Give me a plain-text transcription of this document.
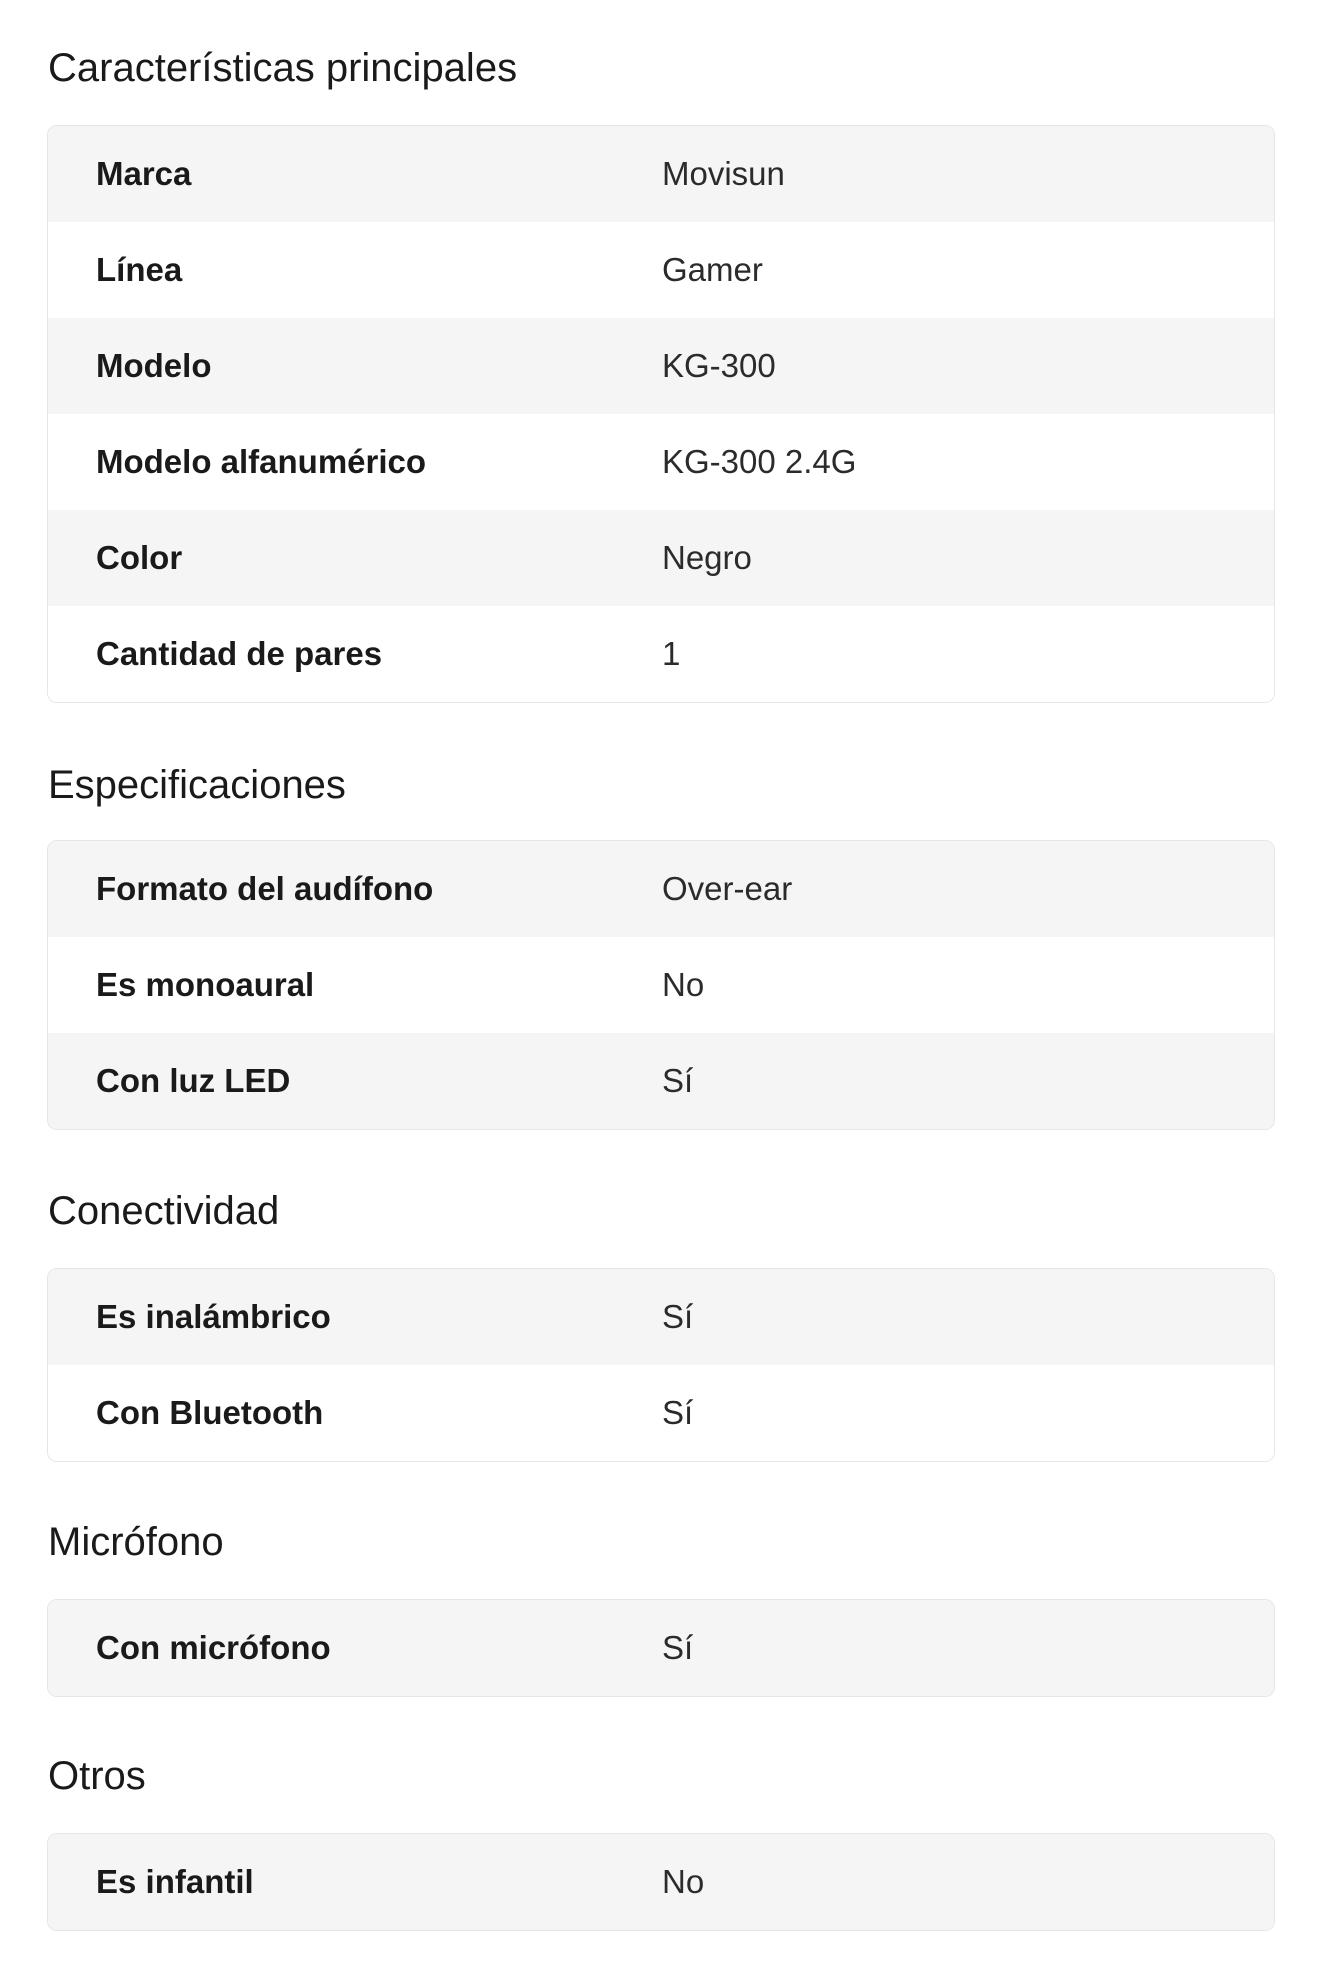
Características principales
Marca	Movisun
Línea	Gamer
Modelo	KG-300
Modelo alfanumérico	KG-300 2.4G
Color	Negro
Cantidad de pares	1
Especificaciones
Formato del audífono	Over-ear
Es monoaural	No
Con luz LED	Sí
Conectividad
Es inalámbrico	Sí
Con Bluetooth	Sí
Micrófono
Con micrófono	Sí
Otros
Es infantil	No
